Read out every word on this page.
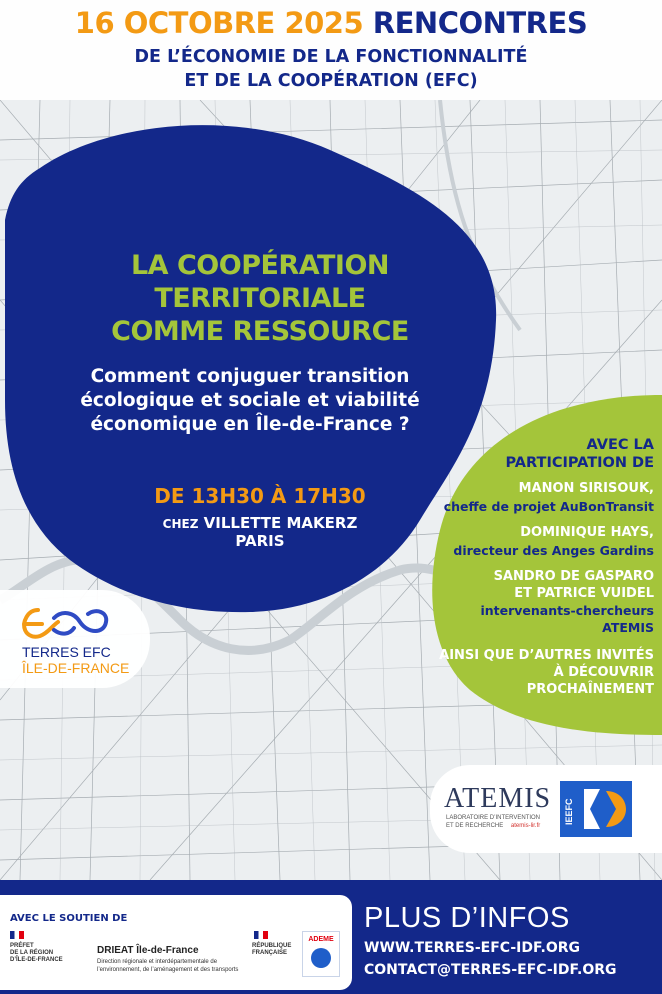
16 OCTOBRE 2025 RENCONTRES
DE L’ÉCONOMIE DE LA FONCTIONNALITÉ
ET DE LA COOPÉRATION (EFC)
LA COOPÉRATION
TERRITORIALE
COMME RESSOURCE
Comment conjuguer transition
écologique et sociale et viabilité
économique en Île-de-France ?
DE 13H30 À 17H30
CHEZ VILLETTE MAKERZ
PARIS
AVEC LA
PARTICIPATION DE
MANON SIRISOUK,
cheffe de projet AuBonTransit
DOMINIQUE HAYS,
directeur des Anges Gardins
SANDRO DE GASPARO
ET PATRICE VUIDEL
intervenants-chercheurs
ATEMIS
AINSI QUE D’AUTRES INVITÉS
À DÉCOUVRIR
PROCHAÎNEMENT
TERRES EFC
ÎLE-DE-FRANCE
ATEMIS
LABORATOIRE D’INTERVENTION
ET DE RECHERCHE atemis-lir.fr
IEEFC
AVEC LE SOUTIEN DE
PRÉFET
DE LA RÉGION
D’ÎLE-DE-FRANCE
DRIEAT Île-de-France
Direction régionale et interdépartementale de
l’environnement, de l’aménagement et des transports
RÉPUBLIQUE
FRANÇAISE
ADEME
PLUS D’INFOS
WWW.TERRES-EFC-IDF.ORG
CONTACT@TERRES-EFC-IDF.ORG
